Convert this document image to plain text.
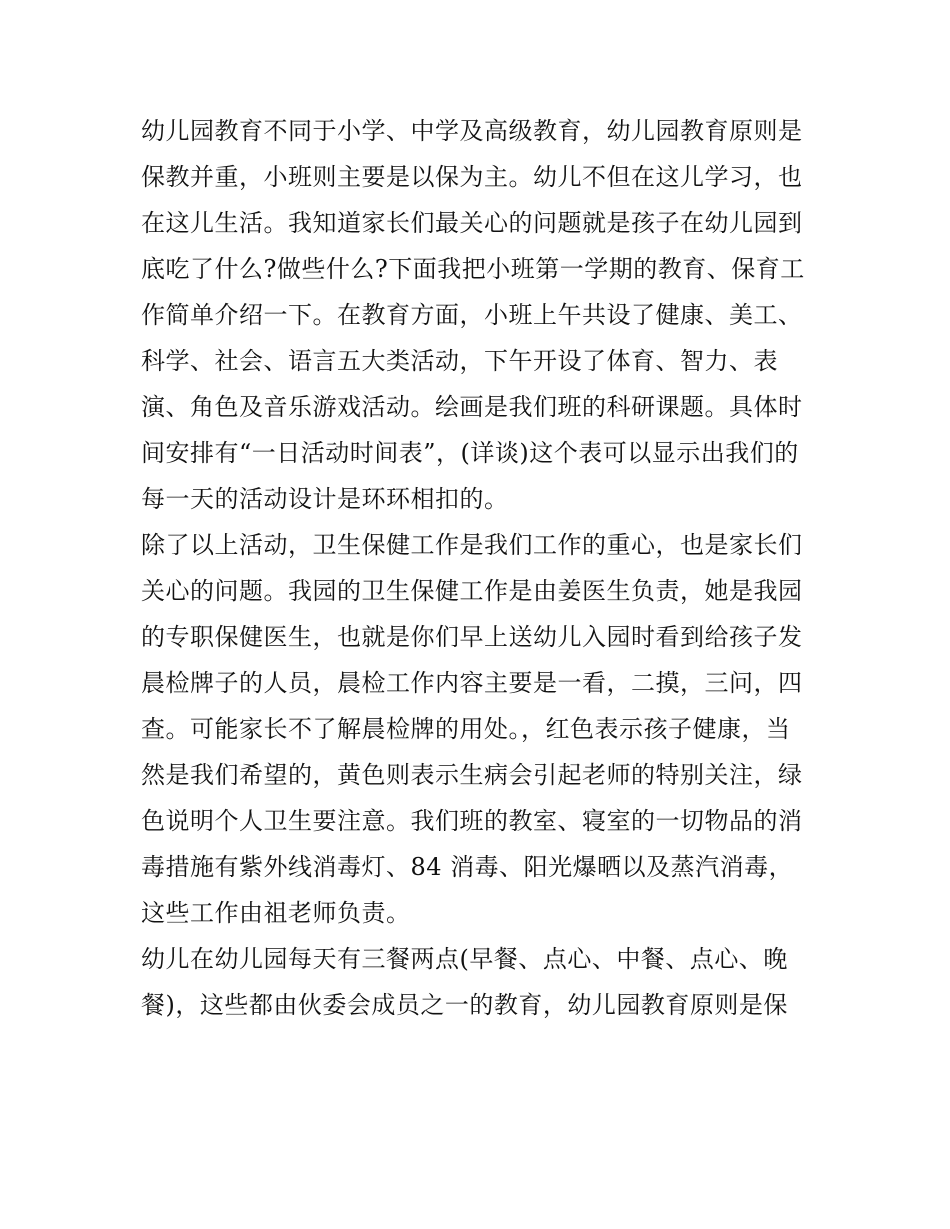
幼儿园教育不同于小学、中学及高级教育，幼儿园教育原则是
保教并重，小班则主要是以保为主。幼儿不但在这儿学习，也
在这儿生活。我知道家长们最关心的问题就是孩子在幼儿园到
底吃了什么?做些什么?下面我把小班第一学期的教育、保育工
作简单介绍一下。在教育方面，小班上午共设了健康、美工、
科学、社会、语言五大类活动，下午开设了体育、智力、表
演、角色及音乐游戏活动。绘画是我们班的科研课题。具体时
间安排有“一日活动时间表”，(详谈)这个表可以显示出我们的
每一天的活动设计是环环相扣的。
除了以上活动，卫生保健工作是我们工作的重心，也是家长们
关心的问题。我园的卫生保健工作是由姜医生负责，她是我园
的专职保健医生，也就是你们早上送幼儿入园时看到给孩子发
晨检牌子的人员，晨检工作内容主要是一看，二摸，三问，四
查。可能家长不了解晨检牌的用处。，红色表示孩子健康，当
然是我们希望的，黄色则表示生病会引起老师的特别关注，绿
色说明个人卫生要注意。我们班的教室、寝室的一切物品的消
毒措施有紫外线消毒灯、84 消毒、阳光爆晒以及蒸汽消毒，
这些工作由祖老师负责。
幼儿在幼儿园每天有三餐两点(早餐、点心、中餐、点心、晚
餐)，这些都由伙委会成员之一的教育，幼儿园教育原则是保
